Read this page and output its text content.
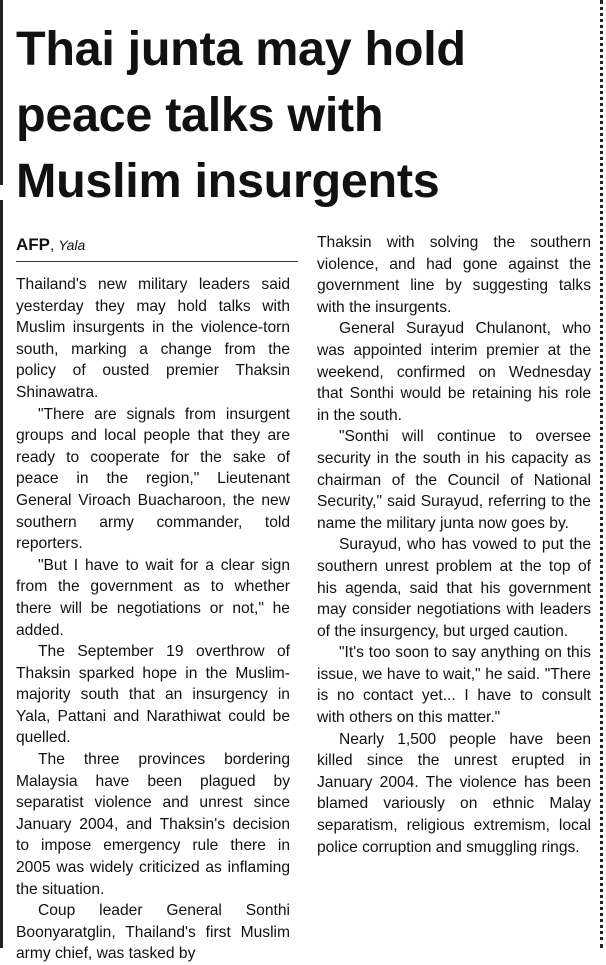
Thai junta may hold
peace talks with
Muslim insurgents
AFP, Yala

Thailand's new military leaders said yesterday they may hold talks with Muslim insurgents in the violence-torn south, marking a change from the policy of ousted premier Thaksin Shinawatra.

"There are signals from insurgent groups and local people that they are ready to cooperate for the sake of peace in the region," Lieutenant General Viroach Buacharoon, the new southern army commander, told reporters.

"But I have to wait for a clear sign from the government as to whether there will be negotiations or not," he added.

The September 19 overthrow of Thaksin sparked hope in the Muslim-majority south that an insurgency in Yala, Pattani and Narathiwat could be quelled.

The three provinces bordering Malaysia have been plagued by separatist violence and unrest since January 2004, and Thaksin's decision to impose emergency rule there in 2005 was widely criticized as inflaming the situation.

Coup leader General Sonthi Boonyaratglin, Thailand's first Muslim army chief, was tasked by

Thaksin with solving the southern violence, and had gone against the government line by suggesting talks with the insurgents.

General Surayud Chulanont, who was appointed interim premier at the weekend, confirmed on Wednesday that Sonthi would be retaining his role in the south.

"Sonthi will continue to oversee security in the south in his capacity as chairman of the Council of National Security," said Surayud, referring to the name the military junta now goes by.

Surayud, who has vowed to put the southern unrest problem at the top of his agenda, said that his government may consider negotiations with leaders of the insurgency, but urged caution.

"It's too soon to say anything on this issue, we have to wait," he said. "There is no contact yet... I have to consult with others on this matter."

Nearly 1,500 people have been killed since the unrest erupted in January 2004. The violence has been blamed variously on ethnic Malay separatism, religious extremism, local police corruption and smuggling rings.
